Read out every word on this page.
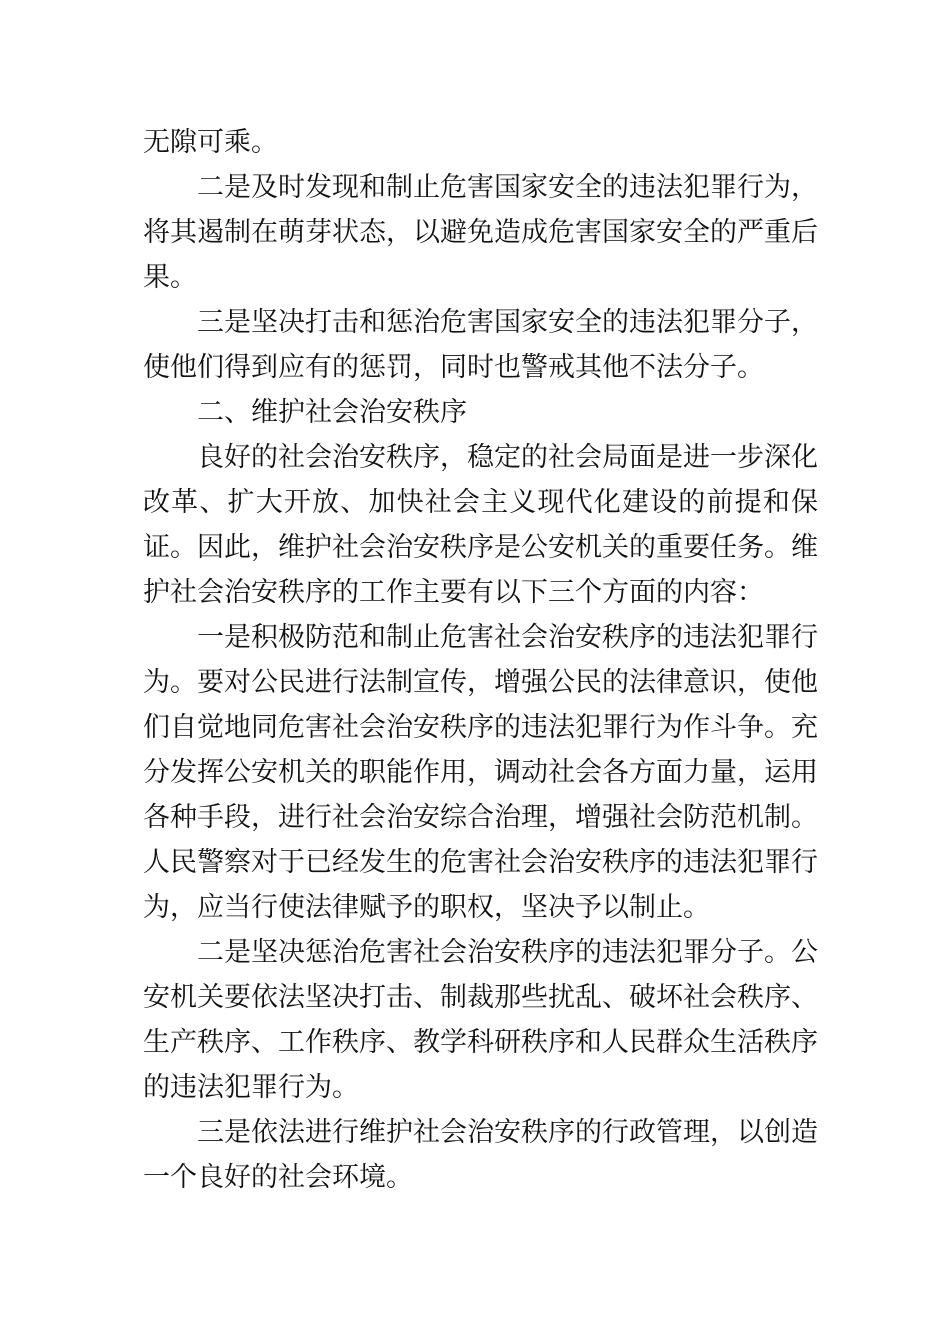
无隙可乘。

二是及时发现和制止危害国家安全的违法犯罪行为，将其遏制在萌芽状态，以避免造成危害国家安全的严重后果。

三是坚决打击和惩治危害国家安全的违法犯罪分子，使他们得到应有的惩罚，同时也警戒其他不法分子。

二、维护社会治安秩序

良好的社会治安秩序，稳定的社会局面是进一步深化改革、扩大开放、加快社会主义现代化建设的前提和保证。因此，维护社会治安秩序是公安机关的重要任务。维护社会治安秩序的工作主要有以下三个方面的内容：

一是积极防范和制止危害社会治安秩序的违法犯罪行为。要对公民进行法制宣传，增强公民的法律意识，使他们自觉地同危害社会治安秩序的违法犯罪行为作斗争。充分发挥公安机关的职能作用，调动社会各方面力量，运用各种手段，进行社会治安综合治理，增强社会防范机制。人民警察对于已经发生的危害社会治安秩序的违法犯罪行为，应当行使法律赋予的职权，坚决予以制止。

二是坚决惩治危害社会治安秩序的违法犯罪分子。公安机关要依法坚决打击、制裁那些扰乱、破坏社会秩序、生产秩序、工作秩序、教学科研秩序和人民群众生活秩序的违法犯罪行为。

三是依法进行维护社会治安秩序的行政管理，以创造一个良好的社会环境。
